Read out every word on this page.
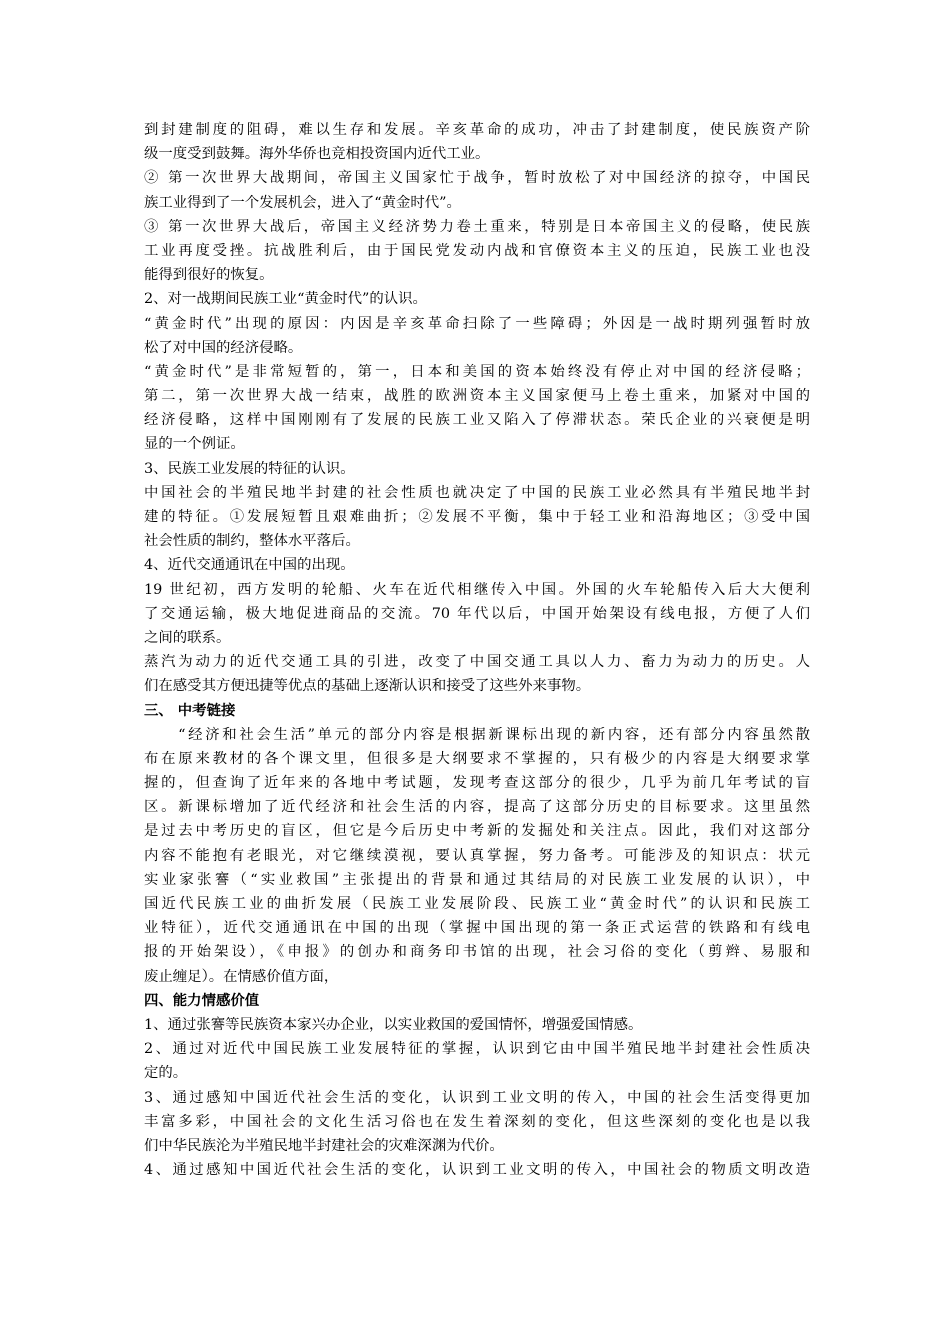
到封建制度的阻碍，难以生存和发展。辛亥革命的成功，冲击了封建制度，使民族资产阶
级一度受到鼓舞。海外华侨也竞相投资国内近代工业。
② 第一次世界大战期间，帝国主义国家忙于战争，暂时放松了对中国经济的掠夺，中国民
族工业得到了一个发展机会，进入了“黄金时代”。
③ 第一次世界大战后，帝国主义经济势力卷土重来，特别是日本帝国主义的侵略，使民族
工业再度受挫。抗战胜利后，由于国民党发动内战和官僚资本主义的压迫，民族工业也没
能得到很好的恢复。
2、对一战期间民族工业“黄金时代”的认识。
“黄金时代”出现的原因：内因是辛亥革命扫除了一些障碍；外因是一战时期列强暂时放
松了对中国的经济侵略。
“黄金时代”是非常短暂的，第一，日本和美国的资本始终没有停止对中国的经济侵略；
第二，第一次世界大战一结束，战胜的欧洲资本主义国家便马上卷土重来，加紧对中国的
经济侵略，这样中国刚刚有了发展的民族工业又陷入了停滞状态。荣氏企业的兴衰便是明
显的一个例证。
3、民族工业发展的特征的认识。
中国社会的半殖民地半封建的社会性质也就决定了中国的民族工业必然具有半殖民地半封
建的特征。①发展短暂且艰难曲折；②发展不平衡，集中于轻工业和沿海地区；③受中国
社会性质的制约，整体水平落后。
4、近代交通通讯在中国的出现。
19 世纪初，西方发明的轮船、火车在近代相继传入中国。外国的火车轮船传入后大大便利
了交通运输，极大地促进商品的交流。70 年代以后，中国开始架设有线电报，方便了人们
之间的联系。
蒸汽为动力的近代交通工具的引进，改变了中国交通工具以人力、畜力为动力的历史。人
们在感受其方便迅捷等优点的基础上逐渐认识和接受了这些外来事物。
三、 中考链接
　　“经济和社会生活”单元的部分内容是根据新课标出现的新内容，还有部分内容虽然散
布在原来教材的各个课文里，但很多是大纲要求不掌握的，只有极少的内容是大纲要求掌
握的，但查询了近年来的各地中考试题，发现考查这部分的很少，几乎为前几年考试的盲
区。新课标增加了近代经济和社会生活的内容，提高了这部分历史的目标要求。这里虽然
是过去中考历史的盲区，但它是今后历史中考新的发掘处和关注点。因此，我们对这部分
内容不能抱有老眼光，对它继续漠视，要认真掌握，努力备考。可能涉及的知识点：状元
实业家张謇（“实业救国”主张提出的背景和通过其结局的对民族工业发展的认识），中
国近代民族工业的曲折发展（民族工业发展阶段、民族工业“黄金时代”的认识和民族工
业特征），近代交通通讯在中国的出现（掌握中国出现的第一条正式运营的铁路和有线电
报的开始架设），《申报》的创办和商务印书馆的出现，社会习俗的变化（剪辫、易服和
废止缠足）。在情感价值方面，
四、能力情感价值
1、通过张謇等民族资本家兴办企业，以实业救国的爱国情怀，增强爱国情感。
2、通过对近代中国民族工业发展特征的掌握，认识到它由中国半殖民地半封建社会性质决
定的。
3、通过感知中国近代社会生活的变化，认识到工业文明的传入，中国的社会生活变得更加
丰富多彩，中国社会的文化生活习俗也在发生着深刻的变化，但这些深刻的变化也是以我
们中华民族沦为半殖民地半封建社会的灾难深渊为代价。
4、通过感知中国近代社会生活的变化，认识到工业文明的传入，中国社会的物质文明改造
